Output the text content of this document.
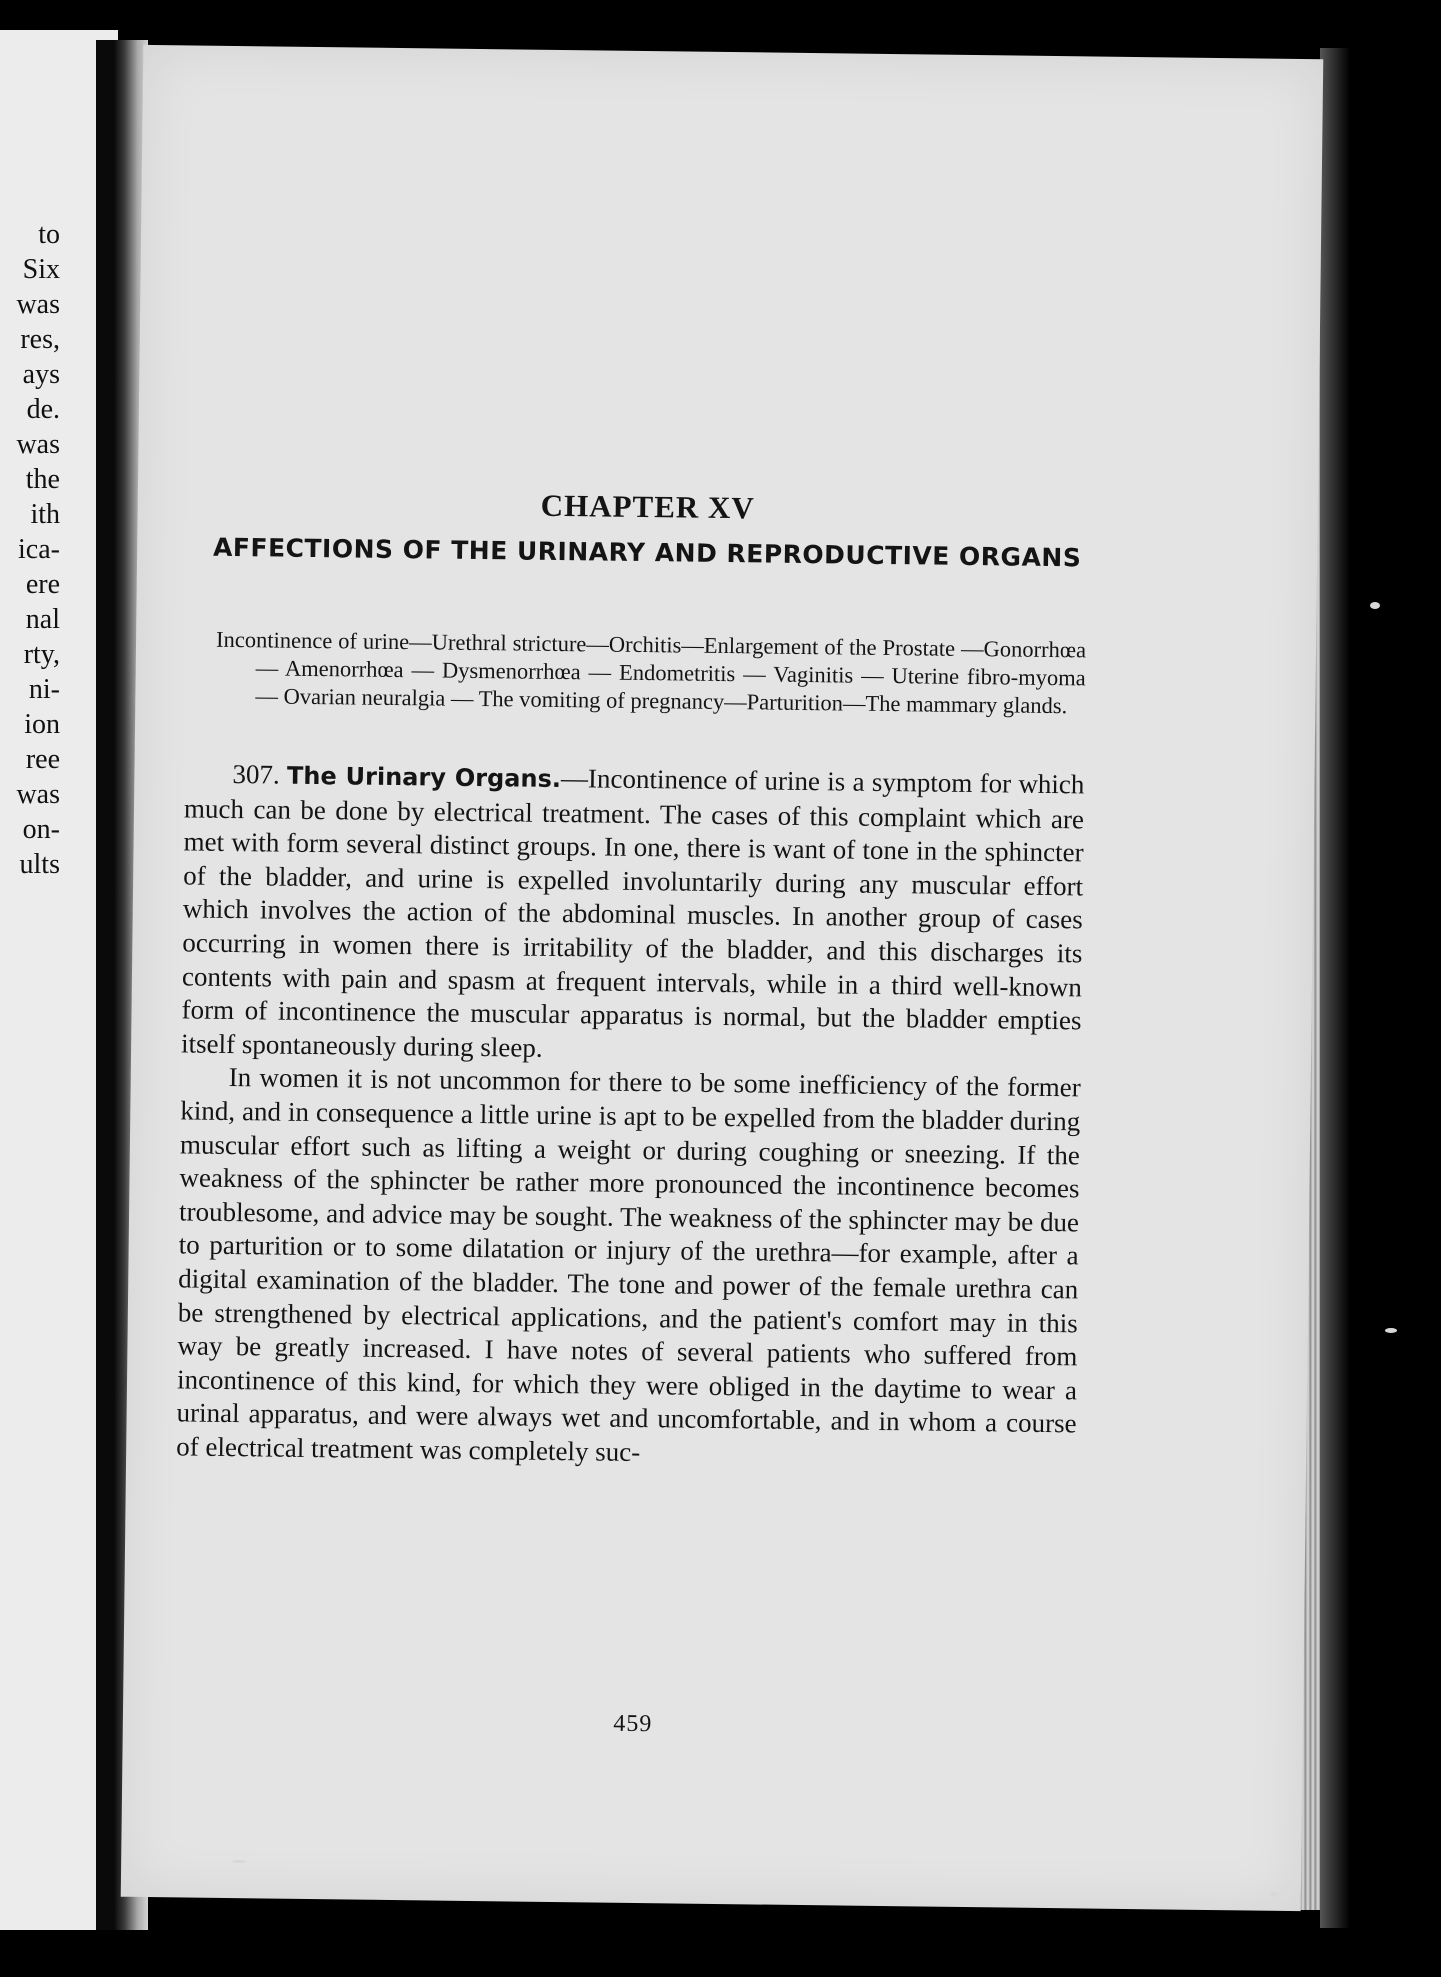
to
Six
was
res,
ays
de.
was
the
ith
ica-
ere
nal
rty,
ni-
ion
ree
was
on-
ults
CHAPTER XV
AFFECTIONS OF THE URINARY AND REPRODUCTIVE ORGANS
Incontinence of urine—Urethral stricture—Orchitis—Enlargement of the Prostate —Gonorrhœa — Amenorrhœa — Dysmenorrhœa — Endometritis — Vaginitis — Uterine fibro-myoma — Ovarian neuralgia — The vomiting of pregnancy—Parturition—The mammary glands.

307. The Urinary Organs.—Incontinence of urine is a symptom for which much can be done by electrical treatment. The cases of this complaint which are met with form several distinct groups. In one, there is want of tone in the sphincter of the bladder, and urine is expelled involuntarily during any muscular effort which involves the action of the abdominal muscles. In another group of cases occurring in women there is irritability of the bladder, and this discharges its contents with pain and spasm at frequent intervals, while in a third well-known form of incontinence the muscular apparatus is normal, but the bladder empties itself spontaneously during sleep.

In women it is not uncommon for there to be some inefficiency of the former kind, and in consequence a little urine is apt to be expelled from the bladder during muscular effort such as lifting a weight or during coughing or sneezing. If the weakness of the sphincter be rather more pronounced the incontinence becomes troublesome, and advice may be sought. The weakness of the sphincter may be due to parturition or to some dilatation or injury of the urethra—for example, after a digital examination of the bladder. The tone and power of the female urethra can be strengthened by electrical applications, and the patient's comfort may in this way be greatly increased. I have notes of several patients who suffered from incontinence of this kind, for which they were obliged in the daytime to wear a urinal apparatus, and were always wet and uncomfortable, and in whom a course of electrical treatment was completely suc-

459
